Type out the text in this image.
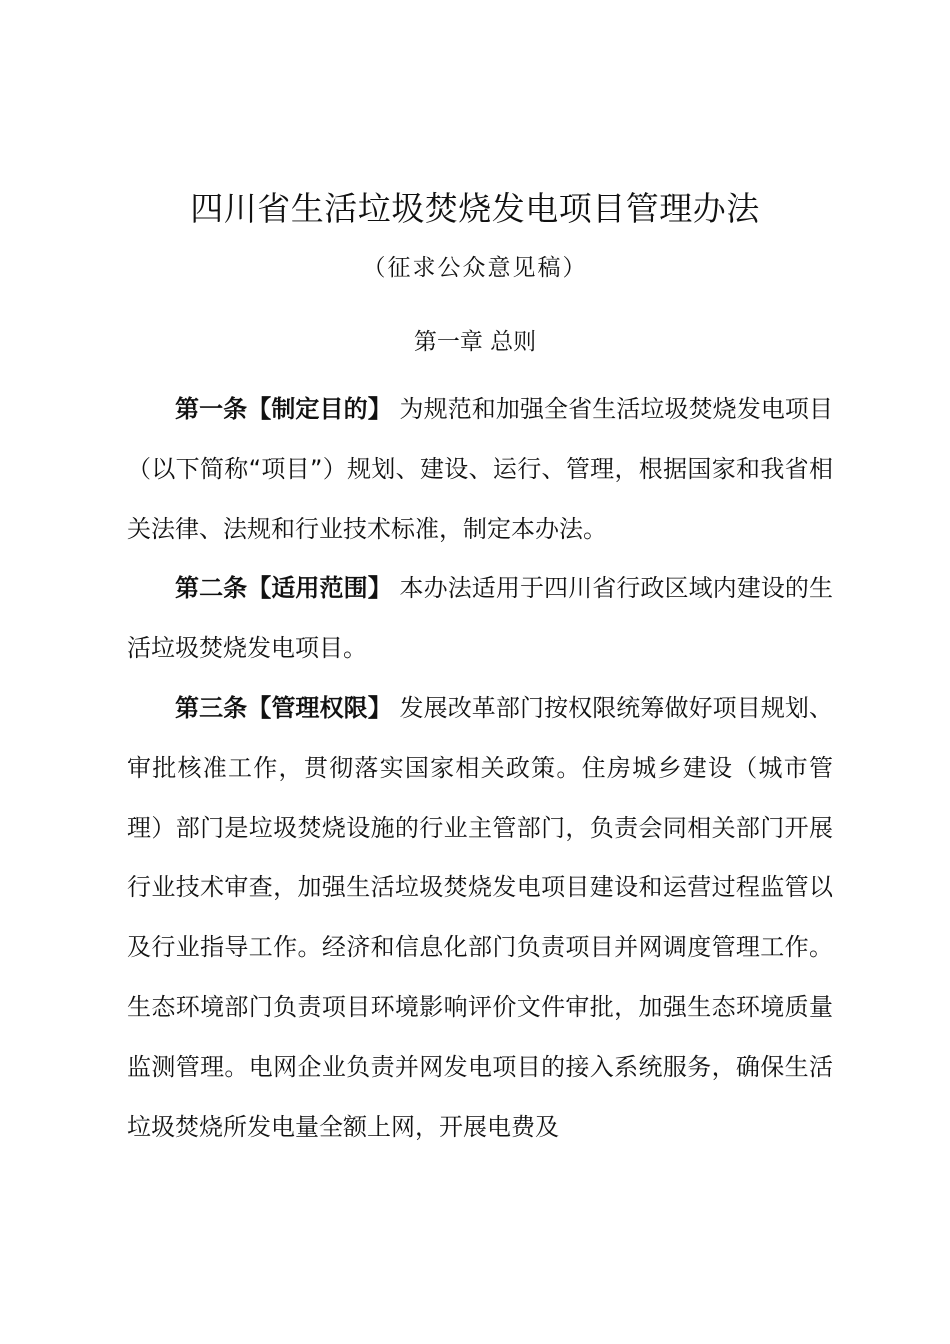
四川省生活垃圾焚烧发电项目管理办法
（征求公众意见稿）
第一章 总则

第一条【制定目的】 为规范和加强全省生活垃圾焚烧发电项目（以下简称“项目”）规划、建设、运行、管理，根据国家和我省相关法律、法规和行业技术标准，制定本办法。

第二条【适用范围】 本办法适用于四川省行政区域内建设的生活垃圾焚烧发电项目。

第三条【管理权限】 发展改革部门按权限统筹做好项目规划、审批核准工作，贯彻落实国家相关政策。住房城乡建设（城市管理）部门是垃圾焚烧设施的行业主管部门，负责会同相关部门开展行业技术审查，加强生活垃圾焚烧发电项目建设和运营过程监管以及行业指导工作。经济和信息化部门负责项目并网调度管理工作。生态环境部门负责项目环境影响评价文件审批，加强生态环境质量监测管理。电网企业负责并网发电项目的接入系统服务，确保生活垃圾焚烧所发电量全额上网，开展电费及
